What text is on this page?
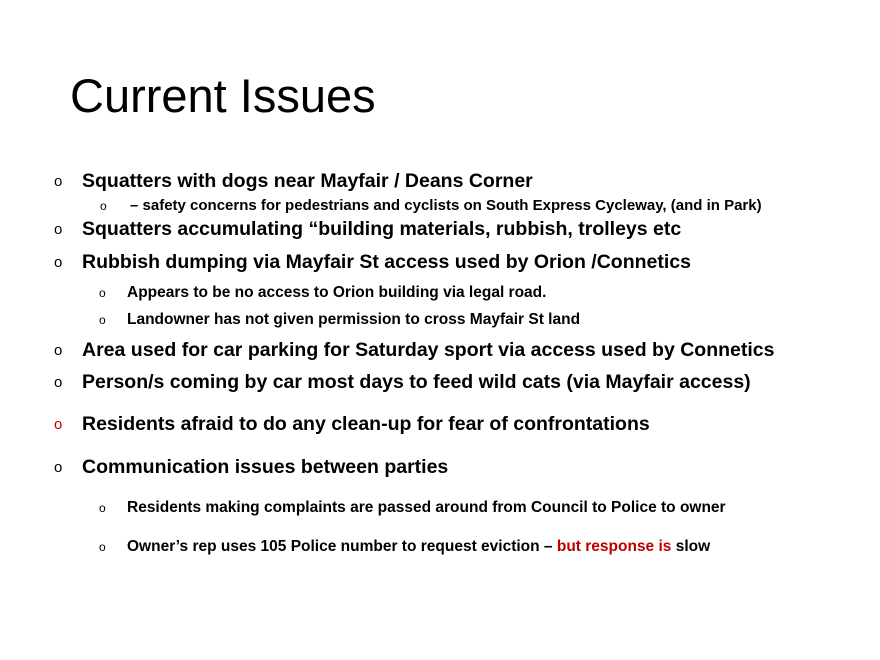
Current Issues
o Squatters with dogs near Mayfair / Deans Corner
o – safety concerns for pedestrians and cyclists on South Express Cycleway, (and in Park)
o Squatters accumulating “building materials, rubbish, trolleys etc
o Rubbish dumping via Mayfair St access used by Orion /Connetics
o Appears to be no access to Orion building via legal road.
o Landowner has not given permission to cross Mayfair St land
o Area used for car parking for Saturday sport via access used by Connetics
o Person/s coming by car most days to feed wild cats (via Mayfair access)
o Residents afraid to do any clean-up for fear of confrontations
o Communication issues between parties
o Residents making complaints are passed around from Council to Police to owner
o Owner’s rep uses 105 Police number to request eviction – but response is slow
